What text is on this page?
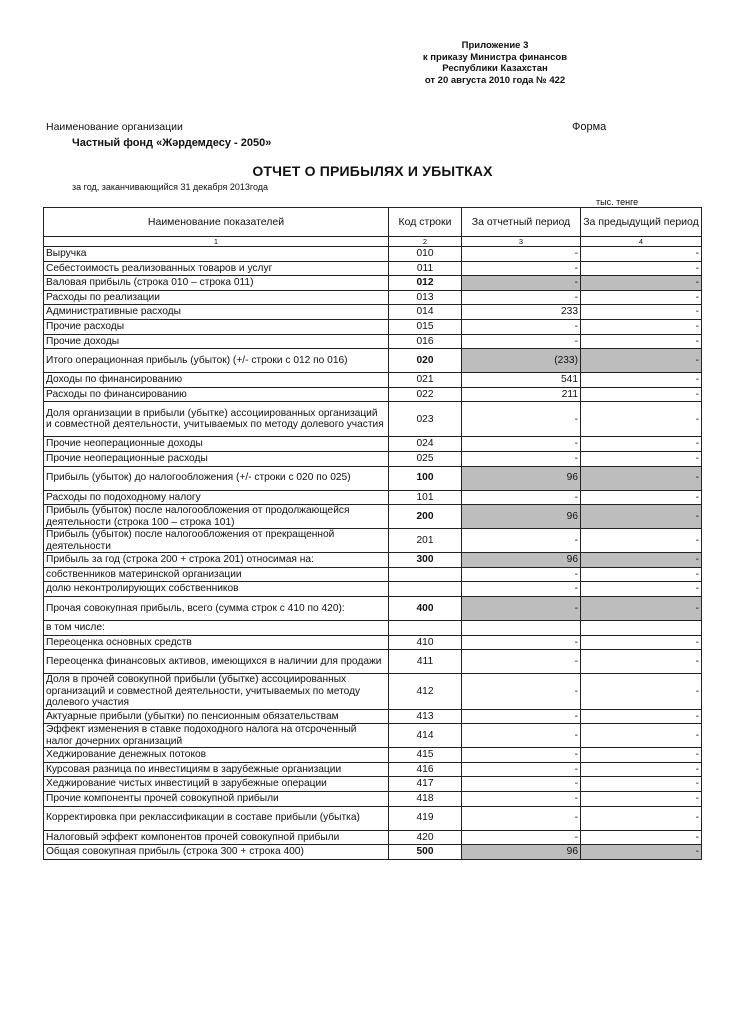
Приложение 3
к приказу Министра финансов
Республики Казахстан
от 20 августа 2010 года № 422
Наименование организации	Форма
Частный фонд «Жәрдемдесу - 2050»
ОТЧЕТ О ПРИБЫЛЯХ И УБЫТКАХ
за год, заканчивающийся 31 декабря 2013года
тыс. тенге
Наименование показателей	Код строки	За отчетный период	За предыдущий период
1	2	3	4
Выручка	010	-	-
Себестоимость реализованных товаров и услуг	011	-	-
Валовая прибыль (строка 010 – строка 011)	012	-	-
Расходы по реализации	013	-	-
Административные расходы	014	233	-
Прочие расходы	015	-	-
Прочие доходы	016	-	-
Итого операционная прибыль (убыток) (+/- строки с 012 по 016)	020	(233)	-
Доходы по финансированию	021	541	-
Расходы по финансированию	022	211	-
Доля организации в прибыли (убытке) ассоциированных организаций и совместной деятельности, учитываемых по методу долевого участия	023	-	-
Прочие неоперационные доходы	024	-	-
Прочие неоперационные расходы	025	-	-
Прибыль (убыток) до налогообложения (+/- строки с 020 по 025)	100	96	-
Расходы по подоходному налогу	101	-	-
Прибыль (убыток) после налогообложения от продолжающейся деятельности (строка 100 – строка 101)	200	96	-
Прибыль (убыток) после налогообложения от прекращенной деятельности	201	-	-
Прибыль за год (строка 200 + строка 201) относимая на:	300	96	-
собственников материнской организации		-	-
долю неконтролирующих собственников		-	-
Прочая совокупная прибыль, всего (сумма строк с 410 по 420):	400	-	-
в том числе:			
Переоценка основных средств	410	-	-
Переоценка финансовых активов, имеющихся в наличии для продажи	411	-	-
Доля в прочей совокупной прибыли (убытке) ассоциированных организаций и совместной деятельности, учитываемых по методу долевого участия	412	-	-
Актуарные прибыли (убытки) по пенсионным обязательствам	413	-	-
Эффект изменения в ставке подоходного налога на отсроченный налог дочерних организаций	414	-	-
Хеджирование денежных потоков	415	-	-
Курсовая разница по инвестициям в зарубежные организации	416	-	-
Хеджирование чистых инвестиций в зарубежные операции	417	-	-
Прочие компоненты прочей совокупной прибыли	418	-	-
Корректировка при реклассификации в составе прибыли (убытка)	419	-	-
Налоговый эффект компонентов прочей совокупной прибыли	420	-	-
Общая совокупная прибыль (строка 300 + строка 400)	500	96	-
